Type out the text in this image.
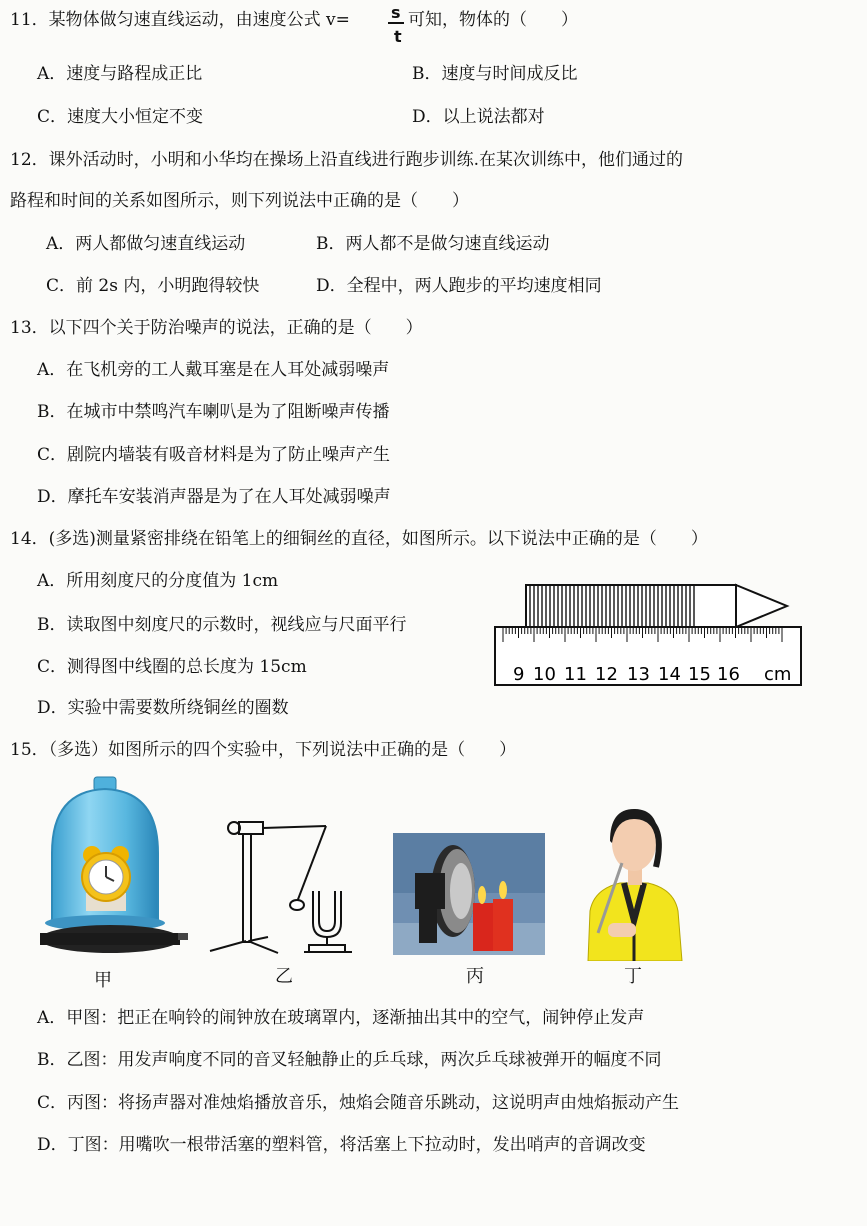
11．某物体做匀速直线运动，由速度公式 v=	s
t
可知，物体的（　　）
A．速度与路程成正比	B．速度与时间成反比
C．速度大小恒定不变	D．以上说法都对
12．课外活动时，小明和小华均在操场上沿直线进行跑步训练.在某次训练中，他们通过的
路程和时间的关系如图所示，则下列说法中正确的是（　　）
A．两人都做匀速直线运动	B．两人都不是做匀速直线运动
C．前 2s 内，小明跑得较快	D．全程中，两人跑步的平均速度相同
13．以下四个关于防治噪声的说法，正确的是（　　）
A．在飞机旁的工人戴耳塞是在人耳处减弱噪声
B．在城市中禁鸣汽车喇叭是为了阻断噪声传播
C．剧院内墙装有吸音材料是为了防止噪声产生
D．摩托车安装消声器是为了在人耳处减弱噪声
14．(多选)测量紧密排绕在铅笔上的细铜丝的直径，如图所示。以下说法中正确的是（　　）
A．所用刻度尺的分度值为 1cm
B．读取图中刻度尺的示数时，视线应与尺面平行
C．测得图中线圈的总长度为 15cm
D．实验中需要数所绕铜丝的圈数
9 10 11 12 13 14 15 16 cm
15．（多选）如图所示的四个实验中，下列说法中正确的是（　　）
甲	乙	丙	丁
A．甲图：把正在响铃的闹钟放在玻璃罩内，逐渐抽出其中的空气，闹钟停止发声
B．乙图：用发声响度不同的音叉轻触静止的乒乓球，两次乒乓球被弹开的幅度不同
C．丙图：将扬声器对准烛焰播放音乐，烛焰会随音乐跳动，这说明声由烛焰振动产生
D．丁图：用嘴吹一根带活塞的塑料管，将活塞上下拉动时，发出哨声的音调改变
